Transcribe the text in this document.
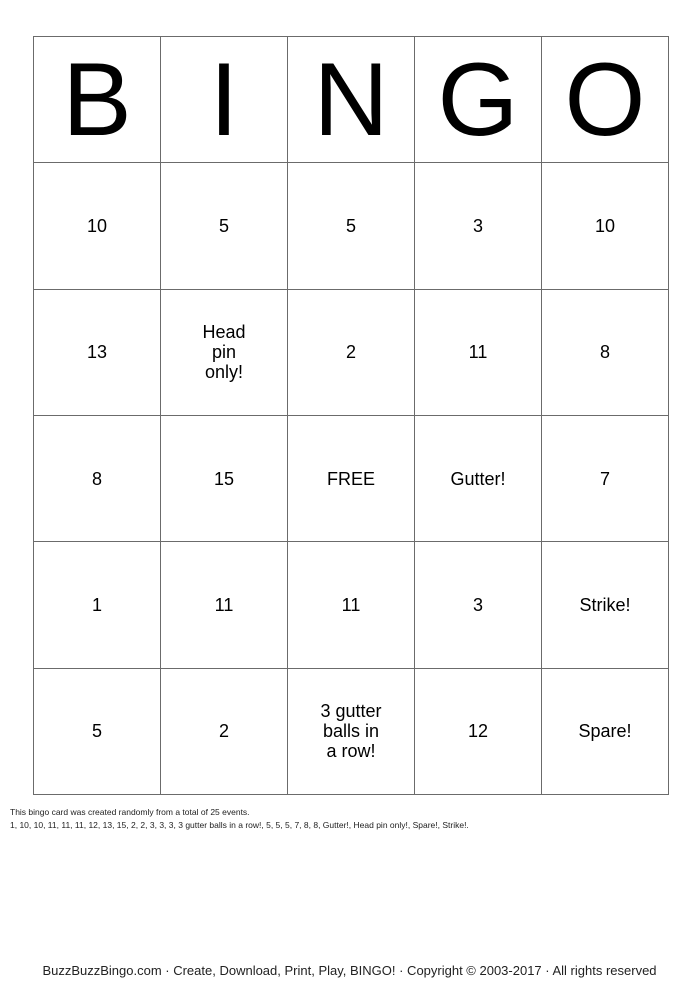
B	I	N	G	O
10	5	5	3	10
13	Head pin only!	2	11	8
8	15	FREE	Gutter!	7
1	11	11	3	Strike!
5	2	3 gutter balls in a row!	12	Spare!
This bingo card was created randomly from a total of 25 events.
1, 10, 10, 11, 11, 11, 12, 13, 15, 2, 2, 3, 3, 3, 3 gutter balls in a row!, 5, 5, 5, 7, 8, 8, Gutter!, Head pin only!, Spare!, Strike!.
BuzzBuzzBingo.com · Create, Download, Print, Play, BINGO! · Copyright © 2003-2017 · All rights reserved
